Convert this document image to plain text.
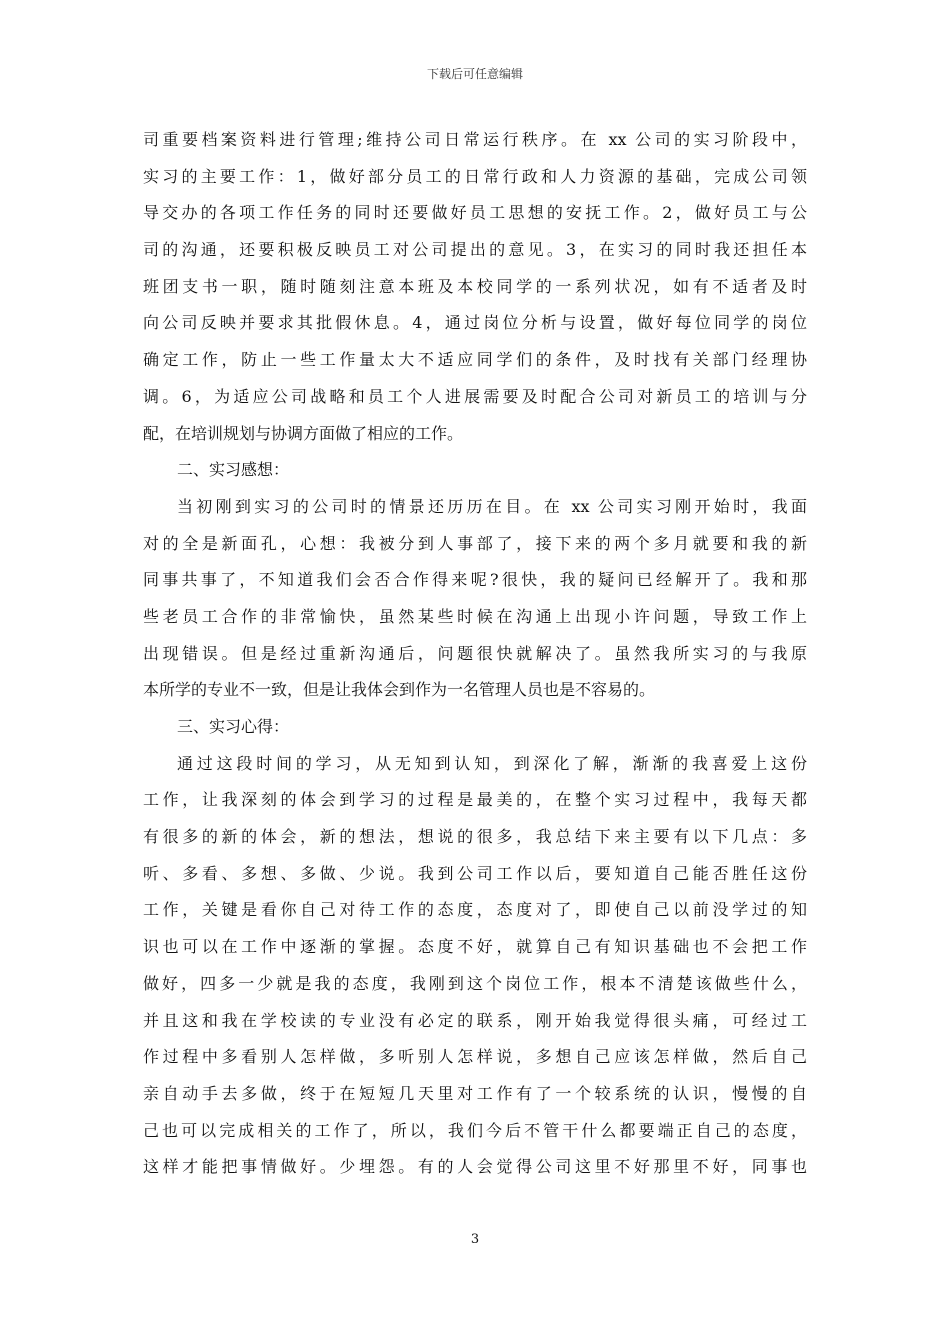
下载后可任意编辑
司重要档案资料进行管理;维持公司日常运行秩序。在 xx 公司的实习阶段中，
实习的主要工作：1，做好部分员工的日常行政和人力资源的基础，完成公司领
导交办的各项工作任务的同时还要做好员工思想的安抚工作。2，做好员工与公
司的沟通，还要积极反映员工对公司提出的意见。3，在实习的同时我还担任本
班团支书一职，随时随刻注意本班及本校同学的一系列状况，如有不适者及时
向公司反映并要求其批假休息。4，通过岗位分析与设置，做好每位同学的岗位
确定工作，防止一些工作量太大不适应同学们的条件，及时找有关部门经理协
调。6，为适应公司战略和员工个人进展需要及时配合公司对新员工的培训与分
配，在培训规划与协调方面做了相应的工作。
二、实习感想：
当初刚到实习的公司时的情景还历历在目。在 xx 公司实习刚开始时，我面
对的全是新面孔，心想：我被分到人事部了，接下来的两个多月就要和我的新
同事共事了，不知道我们会否合作得来呢?很快，我的疑问已经解开了。我和那
些老员工合作的非常愉快，虽然某些时候在沟通上出现小许问题，导致工作上
出现错误。但是经过重新沟通后，问题很快就解决了。虽然我所实习的与我原
本所学的专业不一致，但是让我体会到作为一名管理人员也是不容易的。
三、实习心得：
通过这段时间的学习，从无知到认知，到深化了解，渐渐的我喜爱上这份
工作，让我深刻的体会到学习的过程是最美的，在整个实习过程中，我每天都
有很多的新的体会，新的想法，想说的很多，我总结下来主要有以下几点：多
听、多看、多想、多做、少说。我到公司工作以后，要知道自己能否胜任这份
工作，关键是看你自己对待工作的态度，态度对了，即使自己以前没学过的知
识也可以在工作中逐渐的掌握。态度不好，就算自己有知识基础也不会把工作
做好，四多一少就是我的态度，我刚到这个岗位工作，根本不清楚该做些什么，
并且这和我在学校读的专业没有必定的联系，刚开始我觉得很头痛，可经过工
作过程中多看别人怎样做，多听别人怎样说，多想自己应该怎样做，然后自己
亲自动手去多做，终于在短短几天里对工作有了一个较系统的认识，慢慢的自
己也可以完成相关的工作了，所以，我们今后不管干什么都要端正自己的态度，
这样才能把事情做好。少埋怨。有的人会觉得公司这里不好那里不好，同事也
3
